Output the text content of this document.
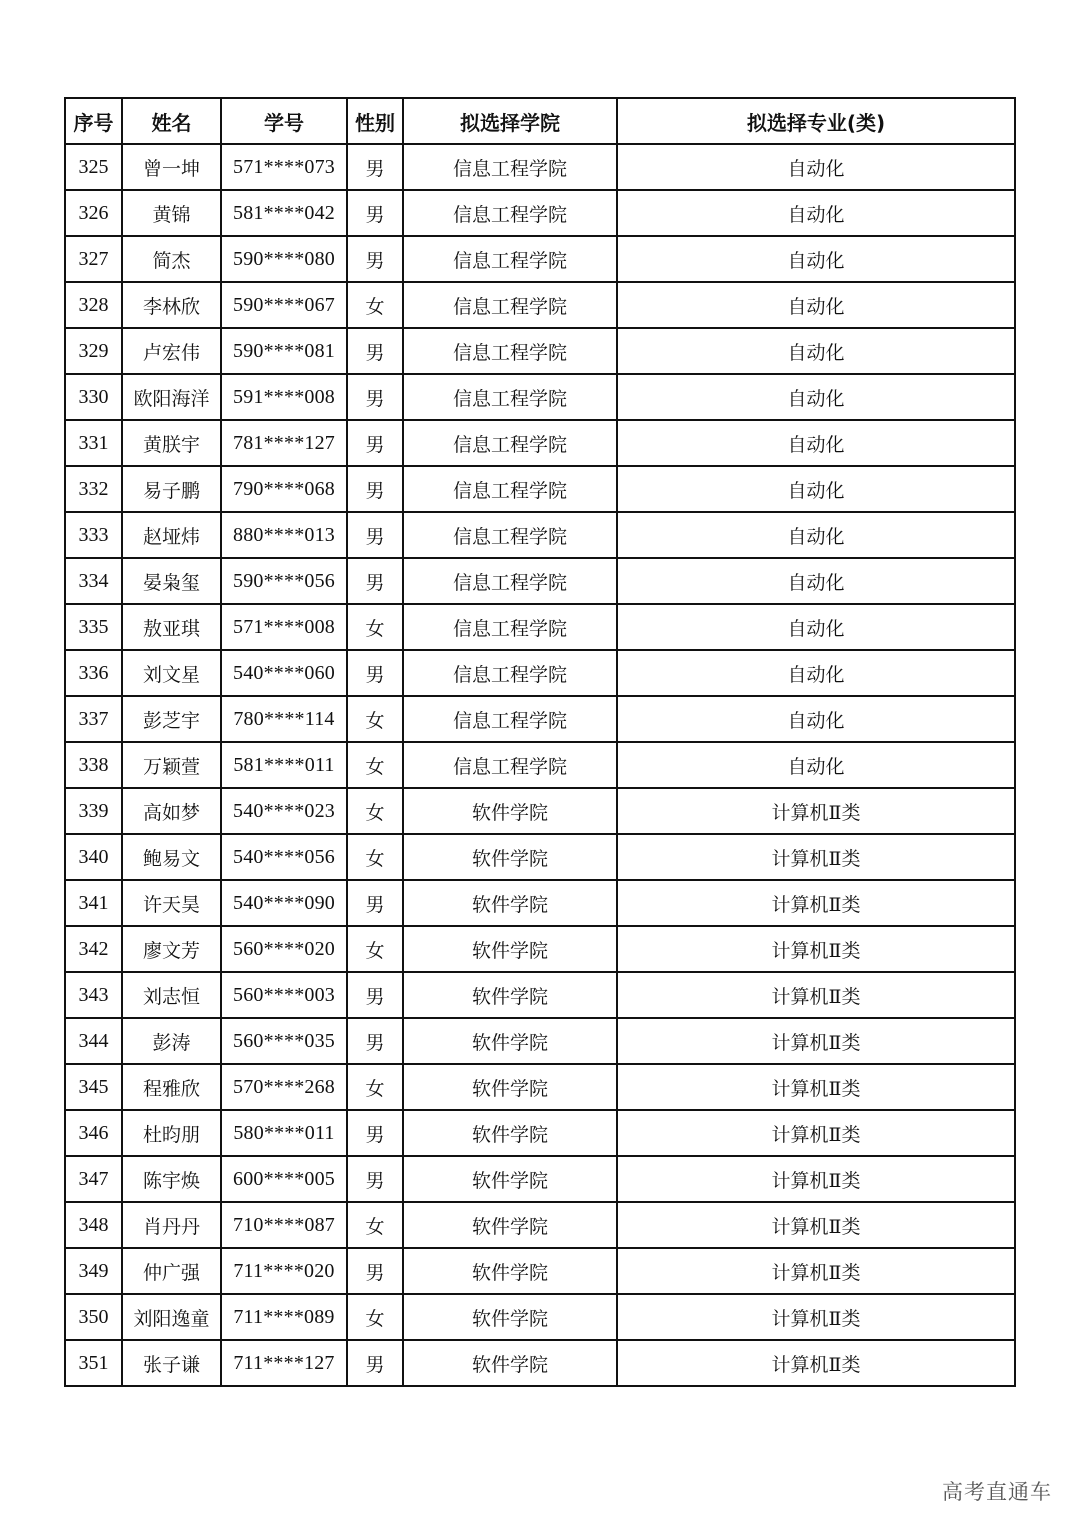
序号	姓名	学号	性别	拟选择学院	拟选择专业(类)
325	曾一坤	571****073	男	信息工程学院	自动化
326	黄锦	581****042	男	信息工程学院	自动化
327	简杰	590****080	男	信息工程学院	自动化
328	李林欣	590****067	女	信息工程学院	自动化
329	卢宏伟	590****081	男	信息工程学院	自动化
330	欧阳海洋	591****008	男	信息工程学院	自动化
331	黄朕宇	781****127	男	信息工程学院	自动化
332	易子鹏	790****068	男	信息工程学院	自动化
333	赵垭炜	880****013	男	信息工程学院	自动化
334	晏枭玺	590****056	男	信息工程学院	自动化
335	敖亚琪	571****008	女	信息工程学院	自动化
336	刘文星	540****060	男	信息工程学院	自动化
337	彭芝宇	780****114	女	信息工程学院	自动化
338	万颖萱	581****011	女	信息工程学院	自动化
339	高如梦	540****023	女	软件学院	计算机Ⅱ类
340	鲍易文	540****056	女	软件学院	计算机Ⅱ类
341	许天昊	540****090	男	软件学院	计算机Ⅱ类
342	廖文芳	560****020	女	软件学院	计算机Ⅱ类
343	刘志恒	560****003	男	软件学院	计算机Ⅱ类
344	彭涛	560****035	男	软件学院	计算机Ⅱ类
345	程雅欣	570****268	女	软件学院	计算机Ⅱ类
346	杜昀朋	580****011	男	软件学院	计算机Ⅱ类
347	陈宇焕	600****005	男	软件学院	计算机Ⅱ类
348	肖丹丹	710****087	女	软件学院	计算机Ⅱ类
349	仲广强	711****020	男	软件学院	计算机Ⅱ类
350	刘阳逸童	711****089	女	软件学院	计算机Ⅱ类
351	张子谦	711****127	男	软件学院	计算机Ⅱ类
高考直通车
